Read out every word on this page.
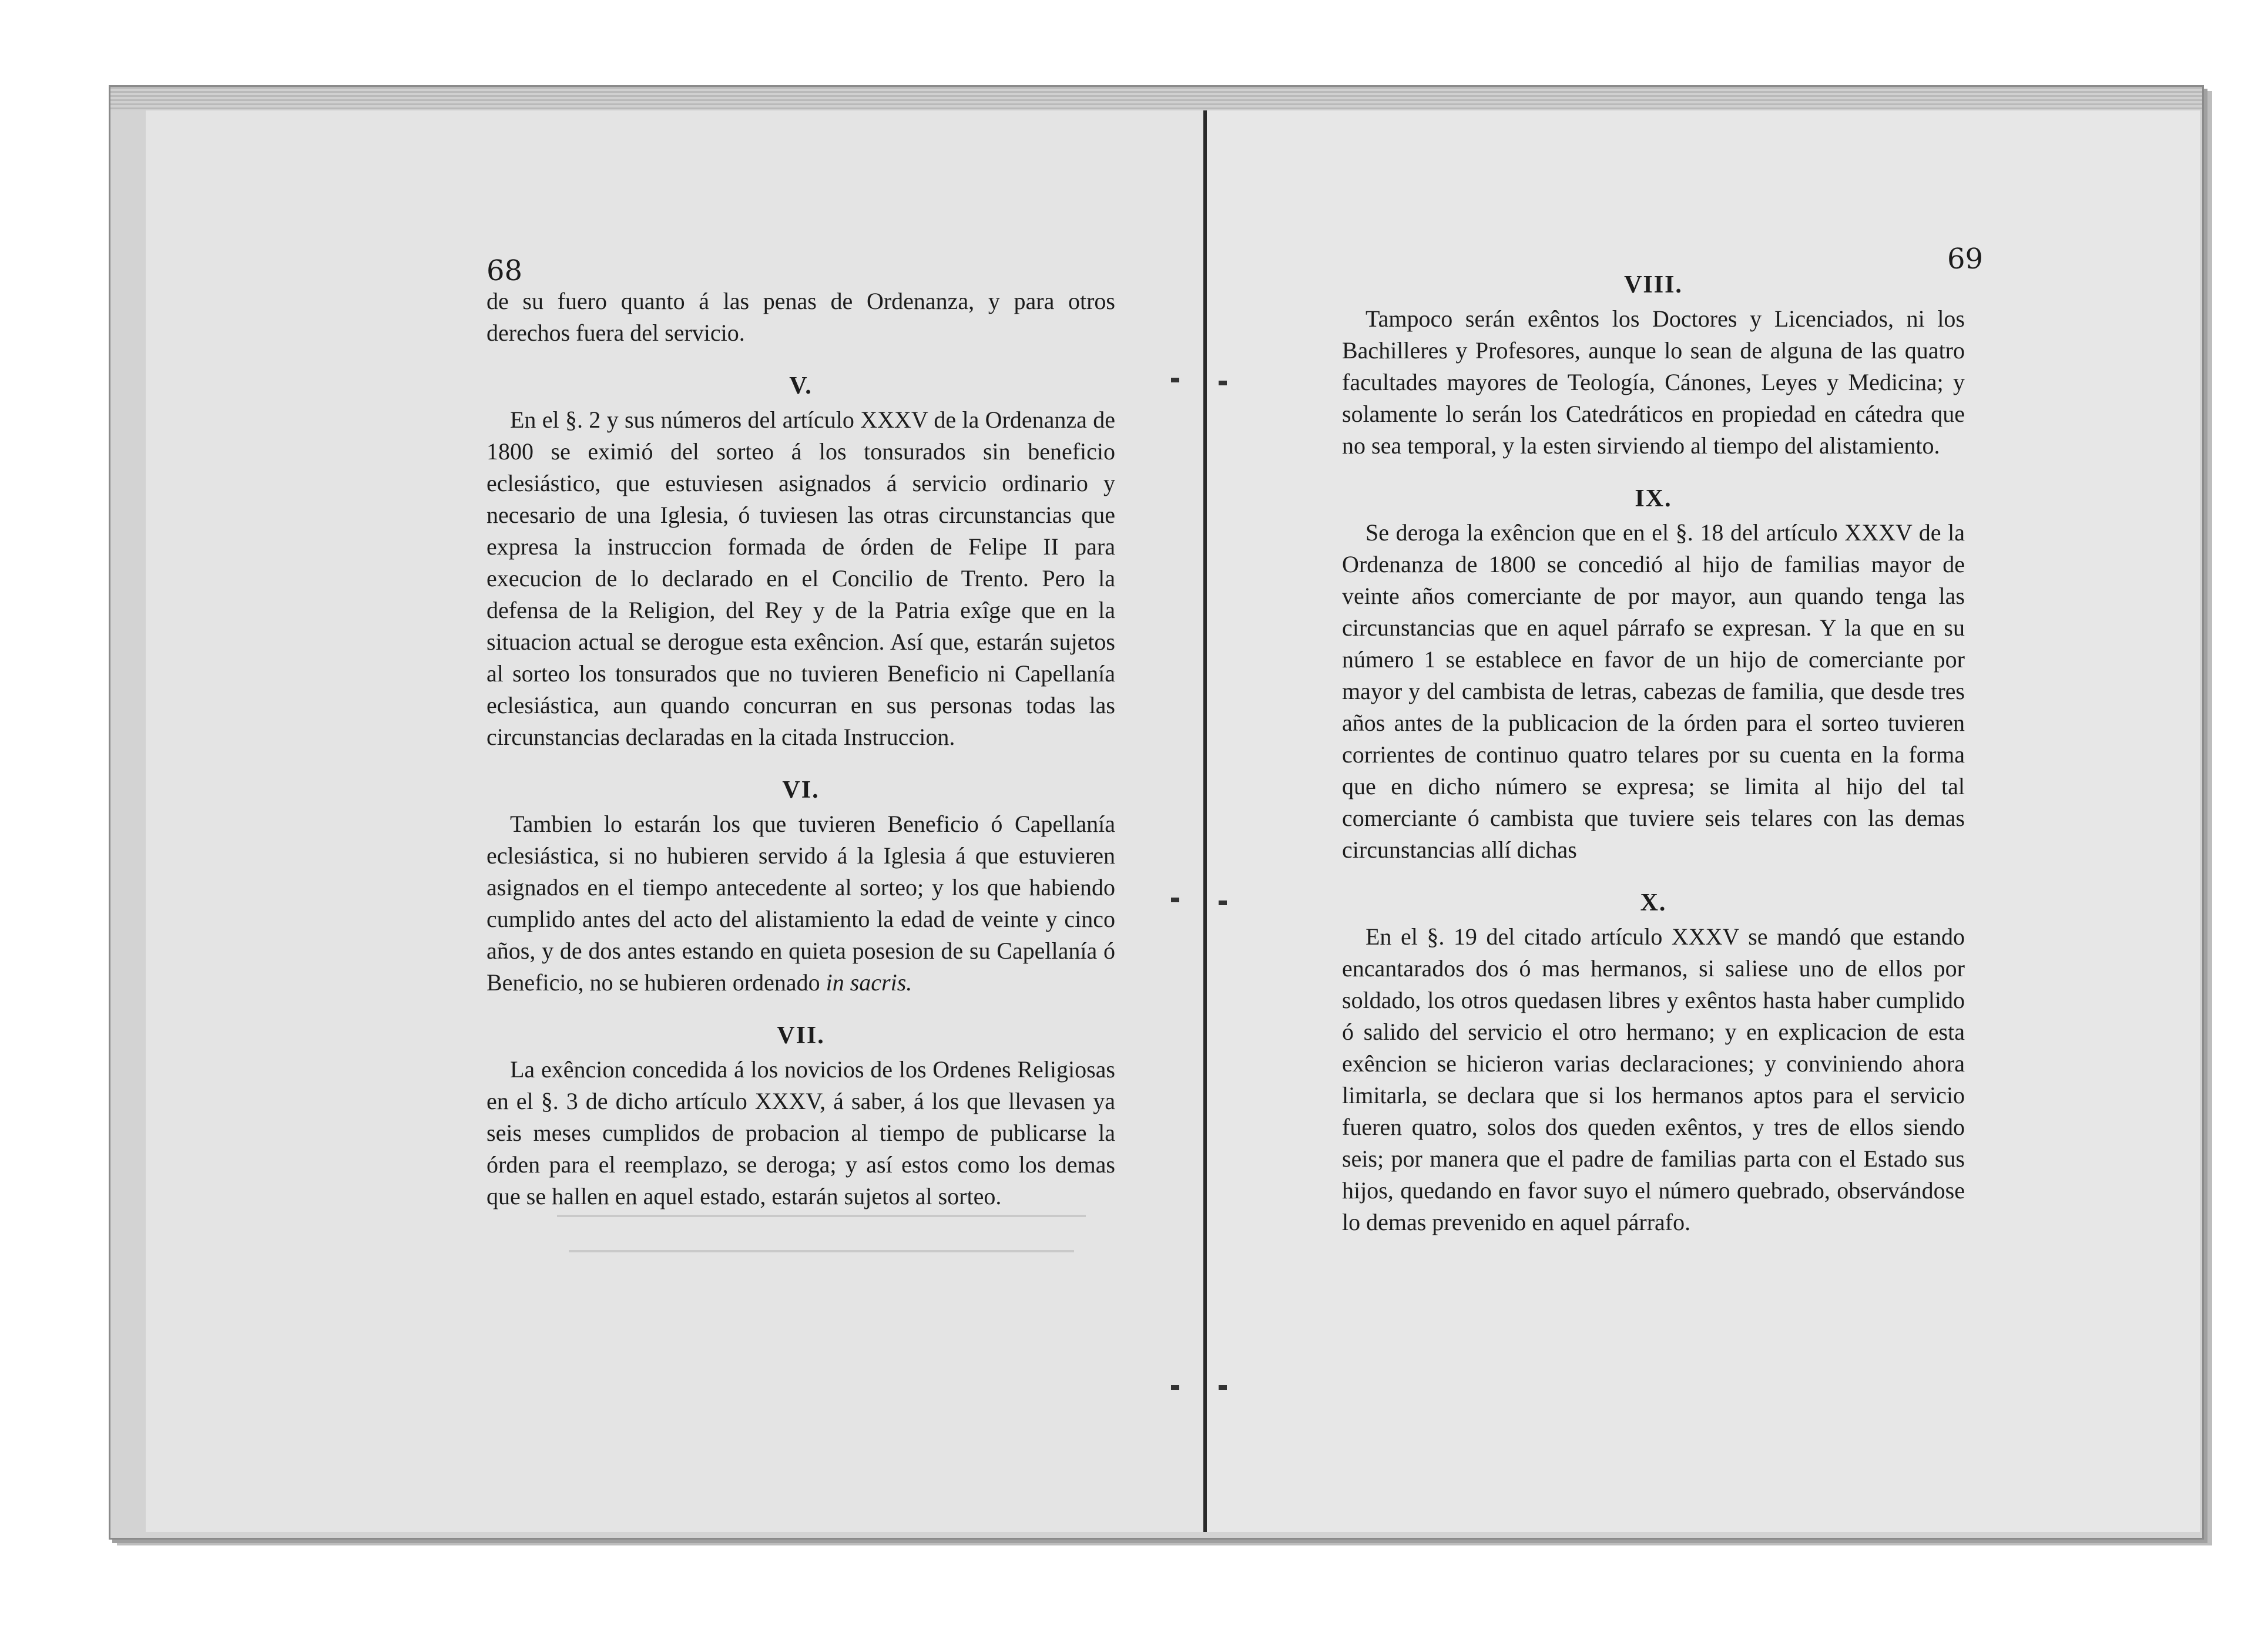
68

de su fuero quanto á las penas de Ordenanza, y para otros derechos fuera del servicio.

V.

En el §. 2 y sus números del artículo XXXV de la Ordenanza de 1800 se eximió del sorteo á los tonsurados sin beneficio eclesiástico, que estuviesen asignados á servicio ordinario y necesario de una Iglesia, ó tuviesen las otras circunstancias que expresa la instruccion formada de órden de Felipe II para execucion de lo declarado en el Concilio de Trento. Pero la defensa de la Religion, del Rey y de la Patria exîge que en la situacion actual se derogue esta exêncion. Así que, estarán sujetos al sorteo los tonsurados que no tuvieren Beneficio ni Capellanía eclesiástica, aun quando concurran en sus personas todas las circunstancias declaradas en la citada Instruccion.

VI.

Tambien lo estarán los que tuvieren Beneficio ó Capellanía eclesiástica, si no hubieren servido á la Iglesia á que estuvieren asignados en el tiempo antecedente al sorteo; y los que habiendo cumplido antes del acto del alistamiento la edad de veinte y cinco años, y de dos antes estando en quieta posesion de su Capellanía ó Beneficio, no se hubieren ordenado in sacris.

VII.

La exêncion concedida á los novicios de los Ordenes Religiosas en el §. 3 de dicho artículo XXXV, á saber, á los que llevasen ya seis meses cumplidos de probacion al tiempo de publicarse la órden para el reemplazo, se deroga; y así estos como los demas que se hallen en aquel estado, estarán sujetos al sorteo.

69
VIII.

Tampoco serán exêntos los Doctores y Licenciados, ni los Bachilleres y Profesores, aunque lo sean de alguna de las quatro facultades mayores de Teología, Cánones, Leyes y Medicina; y solamente lo serán los Catedráticos en propiedad en cátedra que no sea temporal, y la esten sirviendo al tiempo del alistamiento.

IX.

Se deroga la exêncion que en el §. 18 del artículo XXXV de la Ordenanza de 1800 se concedió al hijo de familias mayor de veinte años comerciante de por mayor, aun quando tenga las circunstancias que en aquel párrafo se expresan. Y la que en su número 1 se establece en favor de un hijo de comerciante por mayor y del cambista de letras, cabezas de familia, que desde tres años antes de la publicacion de la órden para el sorteo tuvieren corrientes de continuo quatro telares por su cuenta en la forma que en dicho número se expresa; se limita al hijo del tal comerciante ó cambista que tuviere seis telares con las demas circunstancias allí dichas

X.

En el §. 19 del citado artículo XXXV se mandó que estando encantarados dos ó mas hermanos, si saliese uno de ellos por soldado, los otros quedasen libres y exêntos hasta haber cumplido ó salido del servicio el otro hermano; y en explicacion de esta exêncion se hicieron varias declaraciones; y conviniendo ahora limitarla, se declara que si los hermanos aptos para el servicio fueren quatro, solos dos queden exêntos, y tres de ellos siendo seis; por manera que el padre de familias parta con el Estado sus hijos, quedando en favor suyo el número quebrado, observándose lo demas prevenido en aquel párrafo.
